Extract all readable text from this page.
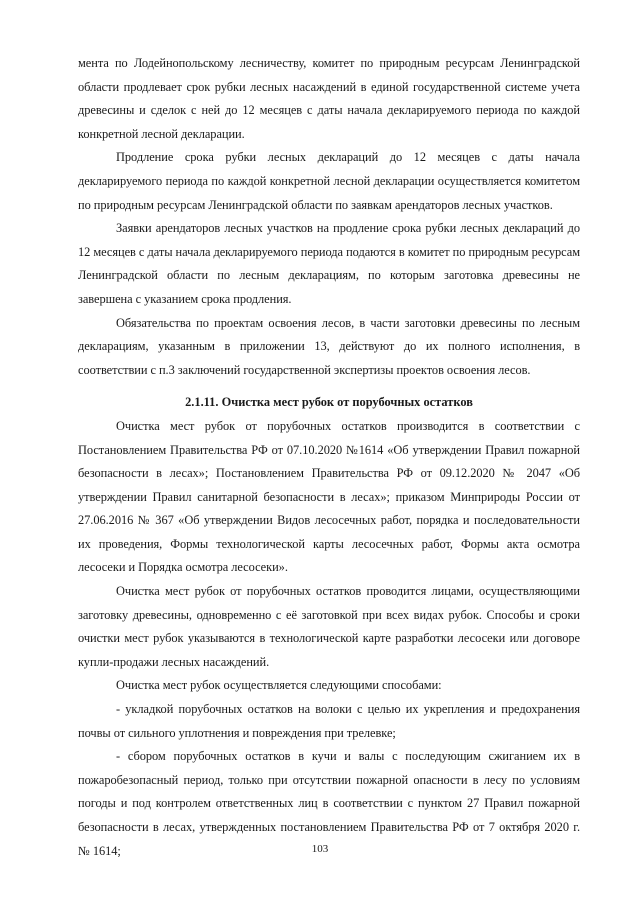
мента по Лодейнопольскому лесничеству, комитет по природным ресурсам Ленинградской области продлевает срок рубки лесных насаждений в единой государственной системе учета древесины и сделок с ней до 12 месяцев с даты начала декларируемого периода по каждой конкретной лесной декларации.

Продление срока рубки лесных деклараций до 12 месяцев с даты начала декларируемого периода по каждой конкретной лесной декларации осуществляется комитетом по природным ресурсам Ленинградской области по заявкам арендаторов лесных участков.

Заявки арендаторов лесных участков на продление срока рубки лесных деклараций до 12 месяцев с даты начала декларируемого периода подаются в комитет по природным ресурсам Ленинградской области по лесным декларациям, по которым заготовка древесины не завершена с указанием срока продления.

Обязательства по проектам освоения лесов, в части заготовки древесины по лесным декларациям, указанным в приложении 13, действуют до их полного исполнения, в соответствии с п.3 заключений государственной экспертизы проектов освоения лесов.

2.1.11. Очистка мест рубок от порубочных остатков

Очистка мест рубок от порубочных остатков производится в соответствии с Постановлением Правительства РФ от 07.10.2020 №1614 «Об утверждении Правил пожарной безопасности в лесах»; Постановлением Правительства РФ от 09.12.2020 № 2047 «Об утверждении Правил санитарной безопасности в лесах»; приказом Минприроды России от 27.06.2016 № 367 «Об утверждении Видов лесосечных работ, порядка и последовательности их проведения, Формы технологической карты лесосечных работ, Формы акта осмотра лесосеки и Порядка осмотра лесосеки».

Очистка мест рубок от порубочных остатков проводится лицами, осуществляющими заготовку древесины, одновременно с её заготовкой при всех видах рубок. Способы и сроки очистки мест рубок указываются в технологической карте разработки лесосеки или договоре купли-продажи лесных насаждений.

Очистка мест рубок осуществляется следующими способами:

- укладкой порубочных остатков на волоки с целью их укрепления и предохранения почвы от сильного уплотнения и повреждения при трелевке;

- сбором порубочных остатков в кучи и валы с последующим сжиганием их в пожаробезопасный период, только при отсутствии пожарной опасности в лесу по условиям погоды и под контролем ответственных лиц в соответствии с пунктом 27 Правил пожарной безопасности в лесах, утвержденных постановлением Правительства РФ от 7 октября 2020 г. № 1614;	103
